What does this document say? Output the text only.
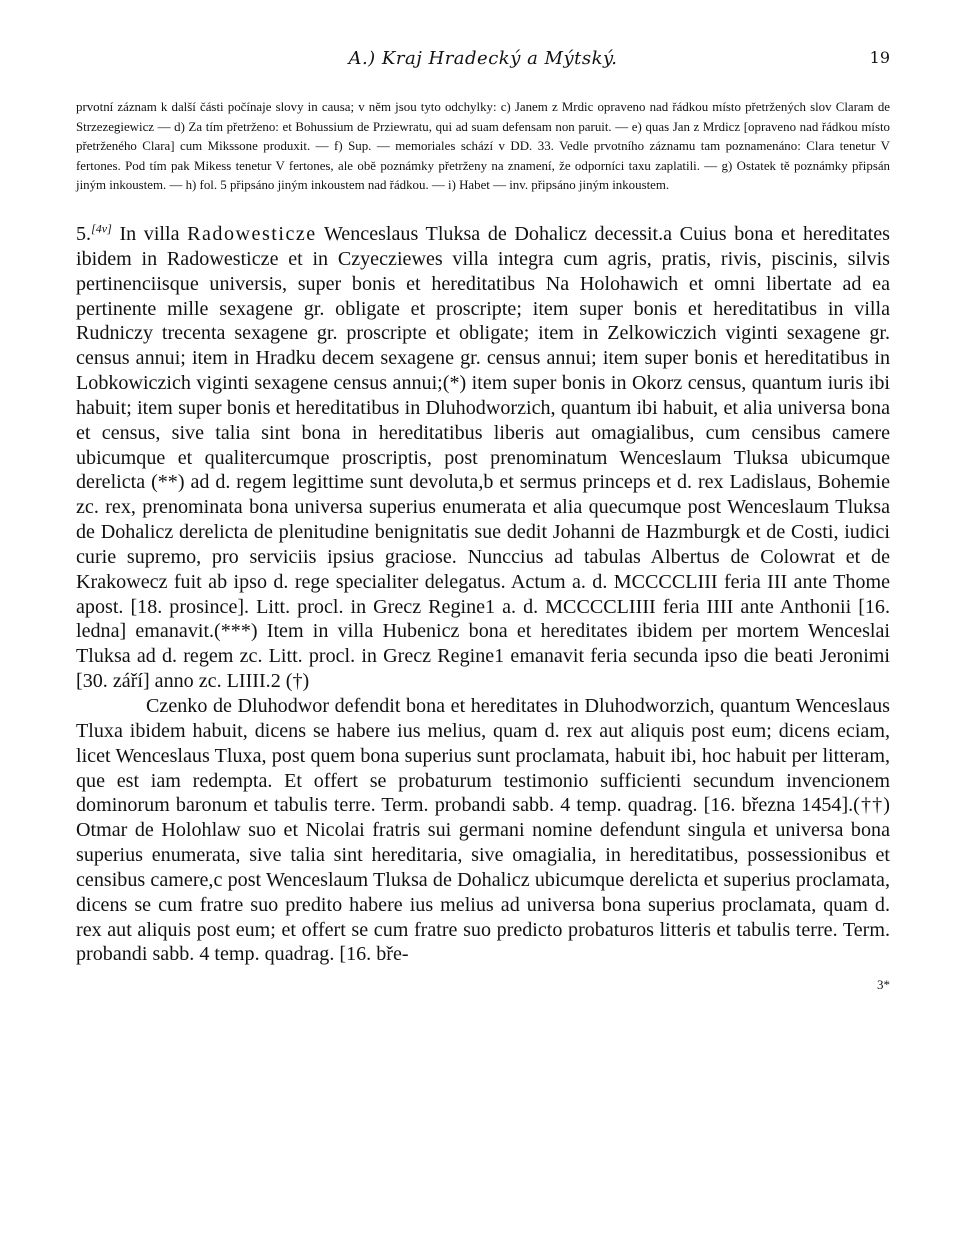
A.) Kraj Hradecký a Mýtský.	19

prvotní záznam k další části počínaje slovy in causa; v něm jsou tyto odchylky: c) Janem z Mrdic opraveno nad řádkou místo přetržených slov Claram de Strzezegiewicz — d) Za tím přetrženo: et Bohussium de Prziewratu, qui ad suam defensam non paruit. — e) quas Jan z Mrdicz [opraveno nad řádkou místo přetrženého Clara] cum Mikssone produxit. — f) Sup. — memoriales schází v DD. 33. Vedle prvotního záznamu tam poznamenáno: Clara tenetur V fertones. Pod tím pak Mikess tenetur V fertones, ale obě poznámky přetrženy na znamení, že odporníci taxu zaplatili. — g) Ostatek tě poznámky připsán jiným inkoustem. — h) fol. 5 připsáno jiným inkoustem nad řádkou. — i) Habet — inv. připsáno jiným inkoustem.

5.[4v] In villa Radowesticze Wenceslaus Tluksa de Dohalicz decessit.a Cuius bona et hereditates ibidem in Radowesticze et in Czyecziewes villa integra cum agris, pratis, rivis, piscinis, silvis pertinenciisque universis, super bonis et hereditatibus Na Holohawich et omni libertate ad ea pertinente mille sexagene gr. obligate et proscripte; item super bonis et hereditatibus in villa Rudniczy trecenta sexagene gr. proscripte et obligate; item in Zelkowiczich viginti sexagene gr. census annui; item in Hradku decem sexagene gr. census annui; item super bonis et hereditatibus in Lobkowiczich viginti sexagene census annui;(*) item super bonis in Okorz census, quantum iuris ibi habuit; item super bonis et hereditatibus in Dluhodworzich, quantum ibi habuit, et alia universa bona et census, sive talia sint bona in hereditatibus liberis aut omagialibus, cum censibus camere ubicumque et qualitercumque proscriptis, post prenominatum Wenceslaum Tluksa ubicumque derelicta (**) ad d. regem legittime sunt devoluta,b et sermus princeps et d. rex Ladislaus, Bohemie zc. rex, prenominata bona universa superius enumerata et alia quecumque post Wenceslaum Tluksa de Dohalicz derelicta de plenitudine benignitatis sue dedit Johanni de Hazmburgk et de Costi, iudici curie supremo, pro serviciis ipsius graciose. Nunccius ad tabulas Albertus de Colowrat et de Krakowecz fuit ab ipso d. rege specialiter delegatus. Actum a. d. MCCCCLIII feria III ante Thome apost. [18. prosince]. Litt. procl. in Grecz Regine1 a. d. MCCCCLIIII feria IIII ante Anthonii [16. ledna] emanavit.(***) Item in villa Hubenicz bona et hereditates ibidem per mortem Wenceslai Tluksa ad d. regem zc. Litt. procl. in Grecz Regine1 emanavit feria secunda ipso die beati Jeronimi [30. září] anno zc. LIIII.2 (†)

Czenko de Dluhodwor defendit bona et hereditates in Dluhodworzich, quantum Wenceslaus Tluxa ibidem habuit, dicens se habere ius melius, quam d. rex aut aliquis post eum; dicens eciam, licet Wenceslaus Tluxa, post quem bona superius sunt proclamata, habuit ibi, hoc habuit per litteram, que est iam redempta. Et offert se probaturum testimonio sufficienti secundum invencionem dominorum baronum et tabulis terre. Term. probandi sabb. 4 temp. quadrag. [16. března 1454].(††) Otmar de Holohlaw suo et Nicolai fratris sui germani nomine defendunt singula et universa bona superius enumerata, sive talia sint hereditaria, sive omagialia, in hereditatibus, possessionibus et censibus camere,c post Wenceslaum Tluksa de Dohalicz ubicumque derelicta et superius proclamata, dicens se cum fratre suo predito habere ius melius ad universa bona superius proclamata, quam d. rex aut aliquis post eum; et offert se cum fratre suo predicto probaturos litteris et tabulis terre. Term. probandi sabb. 4 temp. quadrag. [16. bře-

3*
